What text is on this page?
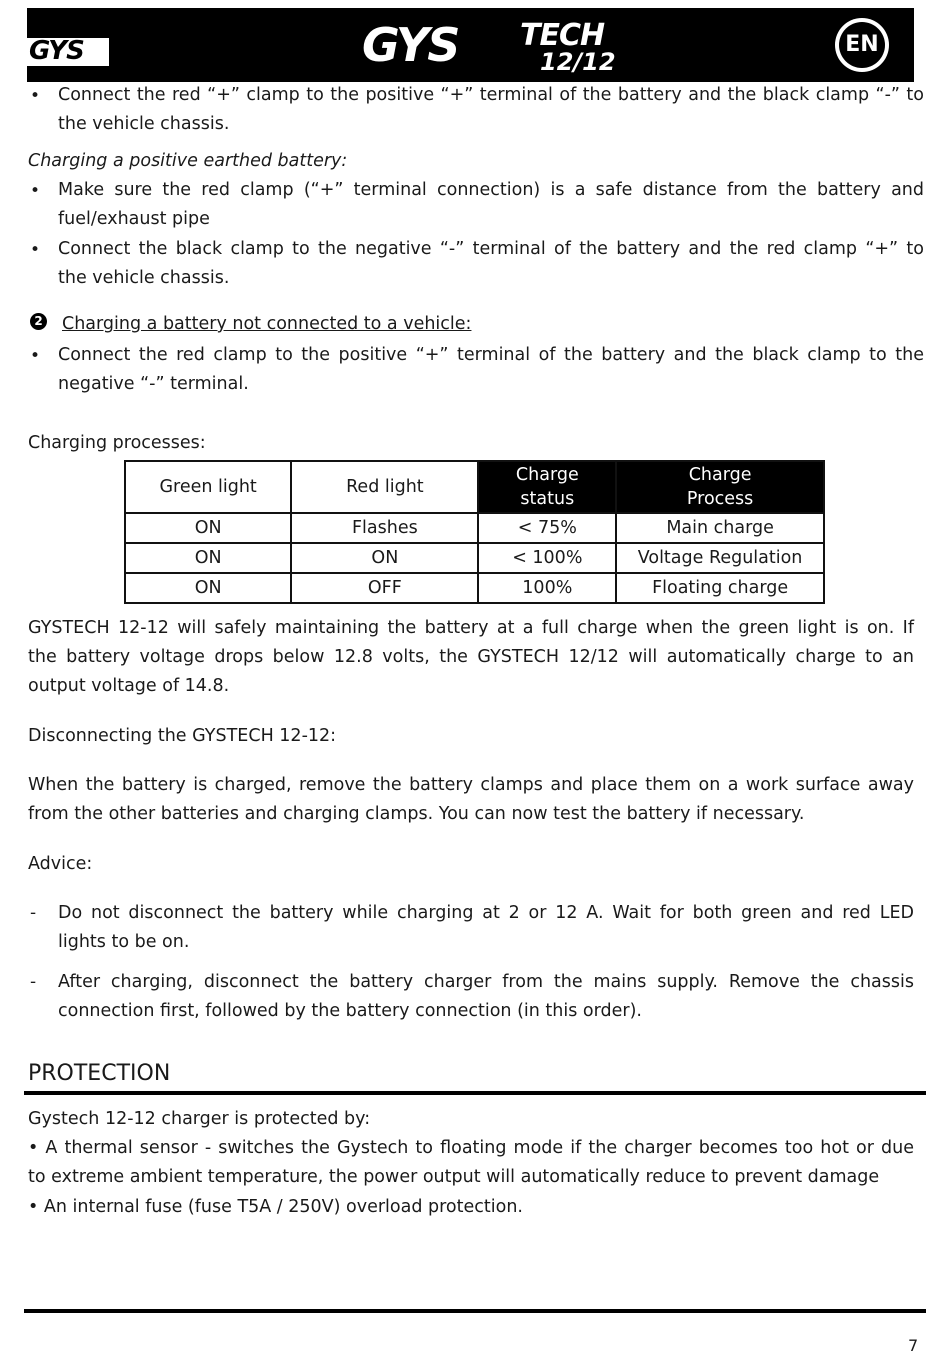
GYS	GYS TECH
12/12
EN
• Connect the red “+” clamp to the positive “+” terminal of the battery and the black clamp “-” to
the vehicle chassis.
Charging a positive earthed battery:
• Make sure the red clamp (“+” terminal connection) is a safe distance from the battery and
fuel/exhaust pipe
• Connect the black clamp to the negative “-” terminal of the battery and the red clamp “+” to
the vehicle chassis.
2 Charging a battery not connected to a vehicle:
• Connect the red clamp to the positive “+” terminal of the battery and the black clamp to the
negative “-” terminal.
Charging processes:
Green light	Red light	Charge status	Charge Process
ON	Flashes	< 75%	Main charge
ON	ON	< 100%	Voltage Regulation
ON	OFF	100%	Floating charge
GYSTECH 12-12 will safely maintaining the battery at a full charge when the green light is on. If
the battery voltage drops below 12.8 volts, the GYSTECH 12/12 will automatically charge to an
output voltage of 14.8.
Disconnecting the GYSTECH 12-12:
When the battery is charged, remove the battery clamps and place them on a work surface away
from the other batteries and charging clamps. You can now test the battery if necessary.
Advice:
- Do not disconnect the battery while charging at 2 or 12 A. Wait for both green and red LED
lights to be on.
- After charging, disconnect the battery charger from the mains supply. Remove the chassis
connection first, followed by the battery connection (in this order).
PROTECTION
Gystech 12-12 charger is protected by:
• A thermal sensor - switches the Gystech to floating mode if the charger becomes too hot or due
to extreme ambient temperature, the power output will automatically reduce to prevent damage
• An internal fuse (fuse T5A / 250V) overload protection.
7
